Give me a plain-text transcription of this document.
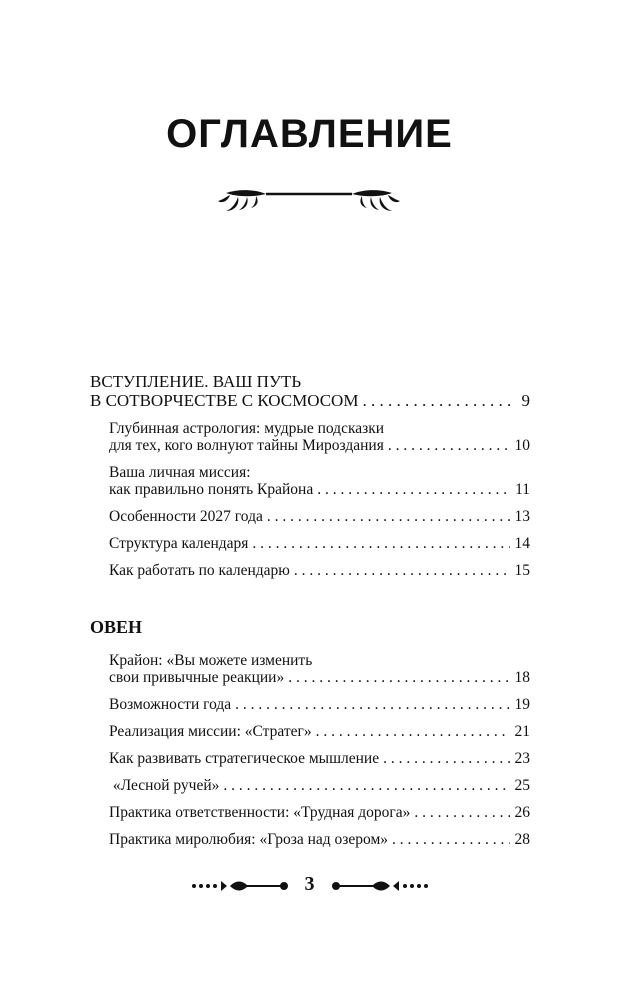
ОГЛАВЛЕНИЕ
ВСТУПЛЕНИЕ. ВАШ ПУТЬ
В СОТВОРЧЕСТВЕ С КОСМОСОМ . . .	9
Глубинная астрология: мудрые подсказки
для тех, кого волнуют тайны Мироздания . . .	10
Ваша личная миссия:
как правильно понять Крайона . . .	11
Особенности 2027 года . . .	13
Структура календаря . . .	14
Как работать по календарю . . .	15
ОВЕН
Крайон: «Вы можете изменить
свои привычные реакции» . . .	18
Возможности года . . .	19
Реализация миссии: «Стратег» . . .	21
Как развивать стратегическое мышление . . .	23
«Лесной ручей» . . .	25
Практика ответственности: «Трудная дорога» . . .	26
Практика миролюбия: «Гроза над озером» . . .	28
3
